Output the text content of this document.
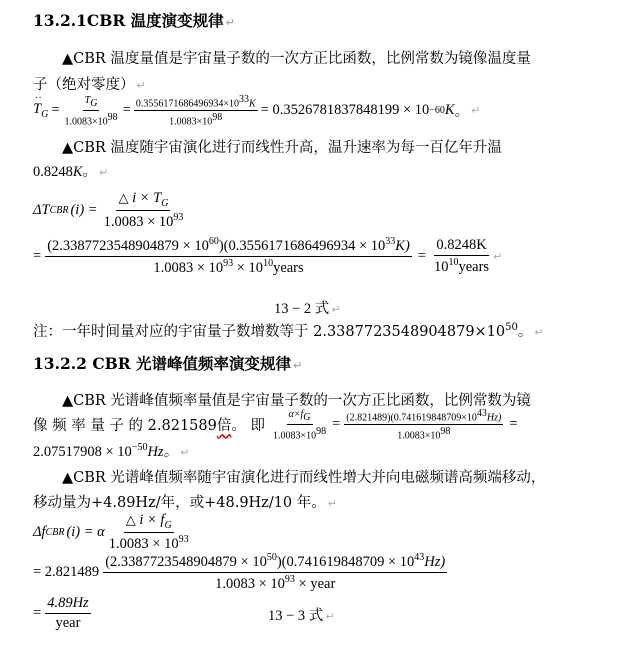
13.2.1CBR 温度演变规律 ↵
▲CBR 温度量值是宇宙量子数的一次方正比函数，比例常数为镜像温度量
子（绝对零度） ↵
T
··
$_G = \frac{T_G}{1.0083\times 10^{98}} = \frac{0.3556171686496934\times 10^{33}K}{1.0083\times 10^{98}} = 0.3526781837848199 \times 10 -60$ K 。 ↵
▲CBR 温度随宇宙演化进行而线性升高，温升速率为每一百亿年升温
0.8248K。 ↵
ΔT CBR $(i) = \frac{\triangle i \times T_G}{1.0083 \times 10^{93}}$
= $\frac{(2.3387723548904879 \times 10^{60})(0.3556171686496934 \times 10^{33}K)}{1.0083 \times 10^{93} \times 10^{10}years} = \frac{0.8248K}{10^{10}years}$ ↵
13 − 2 式 ↵
注：一年时间量对应的宇宙量子数增数等于 $2.3387723548904879\times 10^{50}$。 ↵
13.2.2 CBR 光谱峰值频率演变规律 ↵
▲CBR 光谱峰值频率量值是宇宙量子数的一次方正比函数，比例常数为镜
像 频 率 量 子 的 2.821589 倍 。 即 $\frac{\alpha\times f_G}{1.0083\times 10^{98}} = \frac{(2.821489)(0.741619848709\times 10^{43}Hz)}{1.0083\times 10^{98}}$ =
$2.07517908 \times 10^{-50}Hz$。 ↵
▲CBR 光谱峰值频率随宇宙演化进行而线性增大并向电磁频谱高频端移动，
移动量为+4.89Hz/年，或+48.9Hz/10 年。 ↵
Δf CBR (i) = α $\frac{\triangle i \times f_G}{1.0083 \times 10^{93}}$
= $2.821489 \frac{(2.3387723548904879 \times 10^{50})(0.741619848709 \times 10^{43}Hz)}{1.0083 \times 10^{93} \times year}$
= $\frac{4.89Hz}{\text{year}}$	13 − 3 式 ↵
